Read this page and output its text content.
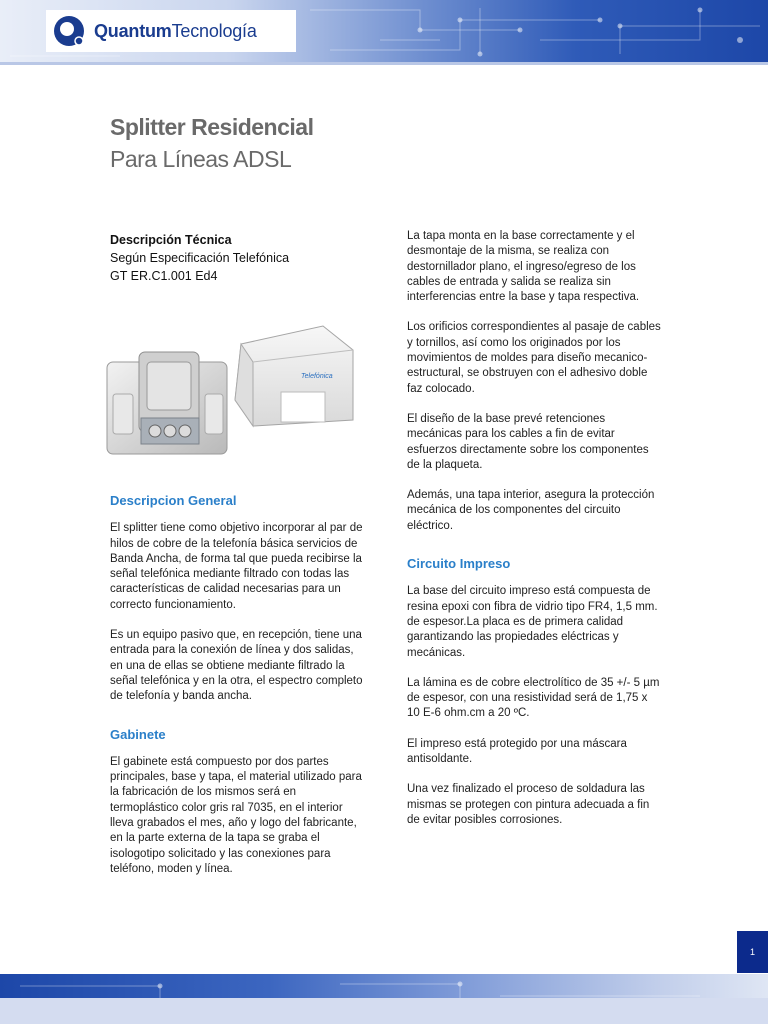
QuantumTecnología
Splitter Residencial
Para Líneas ADSL
Descripción Técnica
Según Especificación Telefónica
GT ER.C1.001 Ed4
Telefónica
Descripcion General

El splitter tiene como objetivo incorporar al par de hilos de cobre de la telefonía básica servicios de Banda Ancha, de forma tal que pueda recibirse la señal telefónica mediante filtrado con todas las características de calidad necesarias para un correcto funcionamiento.

Es un equipo pasivo que, en recepción, tiene una entrada para la conexión de línea y dos salidas, en una de ellas se obtiene mediante filtrado la señal telefónica y en la otra, el espectro completo de telefonía y banda ancha.

Gabinete

El gabinete está compuesto por dos partes principales, base y tapa, el material utilizado para la fabricación de los mismos será en termoplástico color gris ral 7035, en el interior lleva grabados el mes, año y logo del fabricante, en la parte externa de la tapa se graba el isologotipo solicitado y las conexiones para teléfono, moden y línea.

La tapa monta en la base correctamente y el desmontaje de la misma, se realiza con destornillador plano, el ingreso/egreso de los cables de entrada y salida se realiza sin interferencias entre la base y tapa respectiva.

Los orificios correspondientes al pasaje de cables y tornillos, así como los originados por los movimientos de moldes para diseño mecanico-estructural, se obstruyen con el adhesivo doble faz colocado.

El diseño de la base prevé retenciones mecánicas para los cables a fin de evitar esfuerzos directamente sobre los componentes de la plaqueta.

Además, una tapa interior, asegura la protección mecánica de los componentes del circuito eléctrico.

Circuito Impreso

La base del circuito impreso está compuesta de resina epoxi con fibra de vidrio tipo FR4, 1,5 mm. de espesor.La placa es de primera calidad garantizando las propiedades eléctricas y mecánicas.

La lámina es de cobre electrolítico de 35 +/- 5 µm de espesor, con una resistividad será de 1,75 x 10 E-6 ohm.cm a 20 ºC.

El impreso está protegido por una máscara antisoldante.

Una vez finalizado el proceso de soldadura las mismas se protegen con pintura adecuada a fin de evitar posibles corrosiones.

1
